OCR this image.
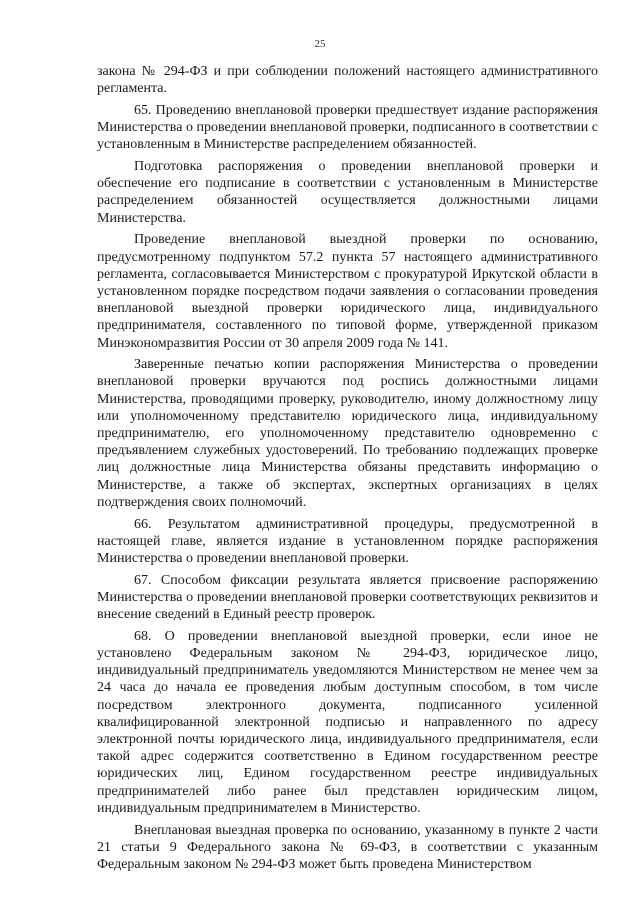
25

закона № 294-ФЗ и при соблюдении положений настоящего административного регламента.

65. Проведению внеплановой проверки предшествует издание распоряжения Министерства о проведении внеплановой проверки, подписанного в соответствии с установленным в Министерстве распределением обязанностей.

Подготовка распоряжения о проведении внеплановой проверки и обеспечение его подписание в соответствии с установленным в Министерстве распределением обязанностей осуществляется должностными лицами Министерства.

Проведение внеплановой выездной проверки по основанию, предусмотренному подпунктом 57.2 пункта 57 настоящего административного регламента, согласовывается Министерством с прокуратурой Иркутской области в установленном порядке посредством подачи заявления о согласовании проведения внеплановой выездной проверки юридического лица, индивидуального предпринимателя, составленного по типовой форме, утвержденной приказом Минэкономразвития России от 30 апреля 2009 года № 141.

Заверенные печатью копии распоряжения Министерства о проведении внеплановой проверки вручаются под роспись должностными лицами Министерства, проводящими проверку, руководителю, иному должностному лицу или уполномоченному представителю юридического лица, индивидуальному предпринимателю, его уполномоченному представителю одновременно с предъявлением служебных удостоверений. По требованию подлежащих проверке лиц должностные лица Министерства обязаны представить информацию о Министерстве, а также об экспертах, экспертных организациях в целях подтверждения своих полномочий.

66. Результатом административной процедуры, предусмотренной в настоящей главе, является издание в установленном порядке распоряжения Министерства о проведении внеплановой проверки.

67. Способом фиксации результата является присвоение распоряжению Министерства о проведении внеплановой проверки соответствующих реквизитов и внесение сведений в Единый реестр проверок.

68. О проведении внеплановой выездной проверки, если иное не установлено Федеральным законом № 294-ФЗ, юридическое лицо, индивидуальный предприниматель уведомляются Министерством не менее чем за 24 часа до начала ее проведения любым доступным способом, в том числе посредством электронного документа, подписанного усиленной квалифицированной электронной подписью и направленного по адресу электронной почты юридического лица, индивидуального предпринимателя, если такой адрес содержится соответственно в Едином государственном реестре юридических лиц, Едином государственном реестре индивидуальных предпринимателей либо ранее был представлен юридическим лицом, индивидуальным предпринимателем в Министерство.

Внеплановая выездная проверка по основанию, указанному в пункте 2 части 21 статьи 9 Федерального закона № 69-ФЗ, в соответствии с указанным Федеральным законом № 294-ФЗ может быть проведена Министерством
